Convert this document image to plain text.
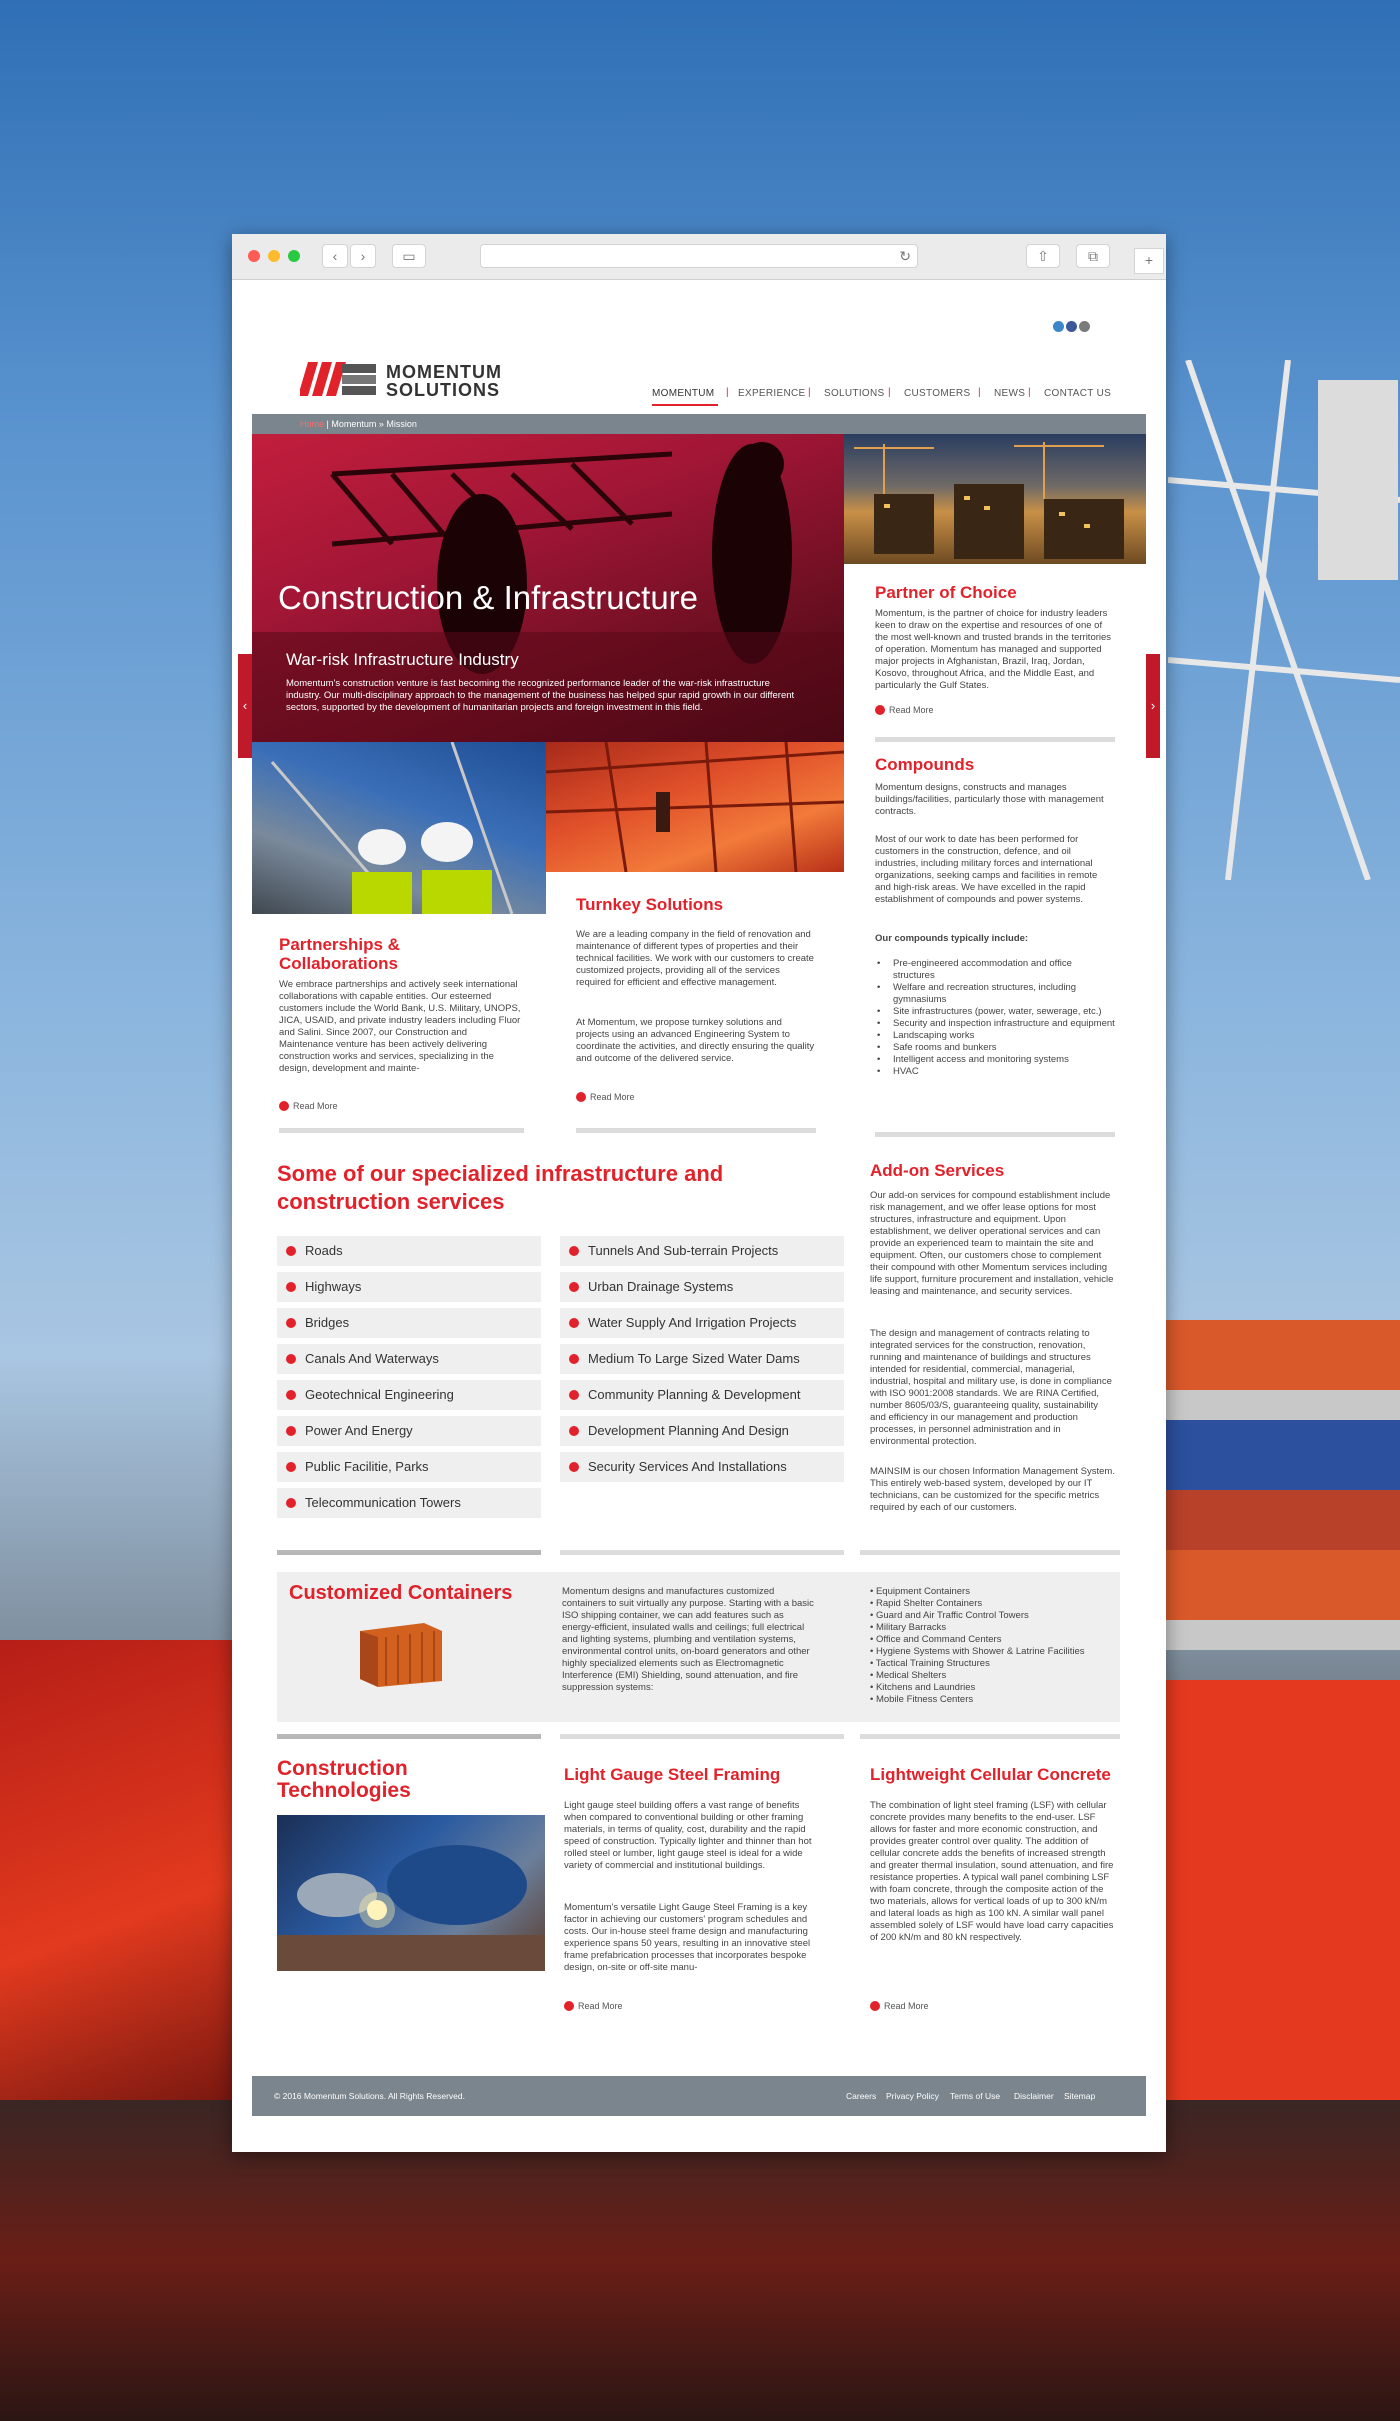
‹	›	▭	↻	⇧	⧉	+
MOMENTUM
SOLUTIONS	MOMENTUM | EXPERIENCE | SOLUTIONS | CUSTOMERS | NEWS | CONTACT US
Home | Momentum » Mission
Construction & Infrastructure
War-risk Infrastructure Industry
Momentum's construction venture is fast becoming the recognized performance leader of the war-risk infrastructure industry. Our multi-disciplinary approach to the management of the business has helped spur rapid growth in our different sectors, supported by the development of humanitarian projects and foreign investment in this field.
‹	›
Partner of Choice
Momentum, is the partner of choice for industry leaders keen to draw on the expertise and resources of one of the most well-known and trusted brands in the territories of operation. Momentum has managed and supported major projects in Afghanistan, Brazil, Iraq, Jordan, Kosovo, throughout Africa, and the Middle East, and particularly the Gulf States.
Read More
Compounds
Momentum designs, constructs and manages buildings/facilities, particularly those with management contracts.
Most of our work to date has been performed for customers in the construction, defence, and oil industries, including military forces and international organizations, seeking camps and facilities in remote and high-risk areas. We have excelled in the rapid establishment of compounds and power systems.
Our compounds typically include:
• Pre-engineered accommodation and office structures
• Welfare and recreation structures, including gymnasiums
• Site infrastructures (power, water, sewerage, etc.)
• Security and inspection infrastructure and equipment
• Landscaping works
• Safe rooms and bunkers
• Intelligent access and monitoring systems
• HVAC
Turnkey Solutions
We are a leading company in the field of renovation and maintenance of different types of properties and their technical facilities. We work with our customers to create customized projects, providing all of the services required for efficient and effective management.
At Momentum, we propose turnkey solutions and projects using an advanced Engineering System to coordinate the activities, and directly ensuring the quality and outcome of the delivered service.
Read More
Partnerships &
Collaborations
We embrace partnerships and actively seek international collaborations with capable entities. Our esteemed customers include the World Bank, U.S. Military, UNOPS, JICA, USAID, and private industry leaders including Fluor and Salini. Since 2007, our Construction and Maintenance venture has been actively delivering construction works and services, specializing in the design, development and mainte-
Read More
Some of our specialized infrastructure and
construction services
Roads
Highways
Bridges
Canals And Waterways
Geotechnical Engineering
Power And Energy
Public Facilitie, Parks
Telecommunication Towers
Tunnels And Sub-terrain Projects
Urban Drainage Systems
Water Supply And Irrigation Projects
Medium To Large Sized Water Dams
Community Planning & Development
Development Planning And Design
Security Services And Installations
Add-on Services
Our add-on services for compound establishment include risk management, and we offer lease options for most structures, infrastructure and equipment. Upon establishment, we deliver operational services and can provide an experienced team to maintain the site and equipment. Often, our customers chose to complement their compound with other Momentum services including life support, furniture procurement and installation, vehicle leasing and maintenance, and security services.
The design and management of contracts relating to integrated services for the construction, renovation, running and maintenance of buildings and structures intended for residential, commercial, managerial, industrial, hospital and military use, is done in compliance with ISO 9001:2008 standards. We are RINA Certified, number 8605/03/S, guaranteeing quality, sustainability and efficiency in our management and production processes, in personnel administration and in environmental protection.
MAINSIM is our chosen Information Management System. This entirely web-based system, developed by our IT technicians, can be customized for the specific metrics required by each of our customers.
Customized Containers	Momentum designs and manufactures customized containers to suit virtually any purpose. Starting with a basic ISO shipping container, we can add features such as energy-efficient, insulated walls and ceilings; full electrical and lighting systems, plumbing and ventilation systems, environmental control units, on-board generators and other highly specialized elements such as Electromagnetic Interference (EMI) Shielding, sound attenuation, and fire suppression systems:
• Equipment Containers
• Rapid Shelter Containers
• Guard and Air Traffic Control Towers
• Military Barracks
• Office and Command Centers
• Hygiene Systems with Shower & Latrine Facilities
• Tactical Training Structures
• Medical Shelters
• Kitchens and Laundries
• Mobile Fitness Centers
Construction
Technologies
Light Gauge Steel Framing
Light gauge steel building offers a vast range of benefits when compared to conventional building or other framing materials, in terms of quality, cost, durability and the rapid speed of construction. Typically lighter and thinner than hot rolled steel or lumber, light gauge steel is ideal for a wide variety of commercial and institutional buildings.
Momentum's versatile Light Gauge Steel Framing is a key factor in achieving our customers' program schedules and costs. Our in-house steel frame design and manufacturing experience spans 50 years, resulting in an innovative steel frame prefabrication processes that incorporates bespoke design, on-site or off-site manu-
Read More
Lightweight Cellular Concrete
The combination of light steel framing (LSF) with cellular concrete provides many benefits to the end-user. LSF allows for faster and more economic construction, and provides greater control over quality. The addition of cellular concrete adds the benefits of increased strength and greater thermal insulation, sound attenuation, and fire resistance properties. A typical wall panel combining LSF with foam concrete, through the composite action of the two materials, allows for vertical loads of up to 300 kN/m and lateral loads as high as 100 kN. A similar wall panel assembled solely of LSF would have load carry capacities of 200 kN/m and 80 kN respectively.
Read More
© 2016 Momentum Solutions. All Rights Reserved.	Careers Privacy Policy Terms of Use Disclaimer Sitemap
